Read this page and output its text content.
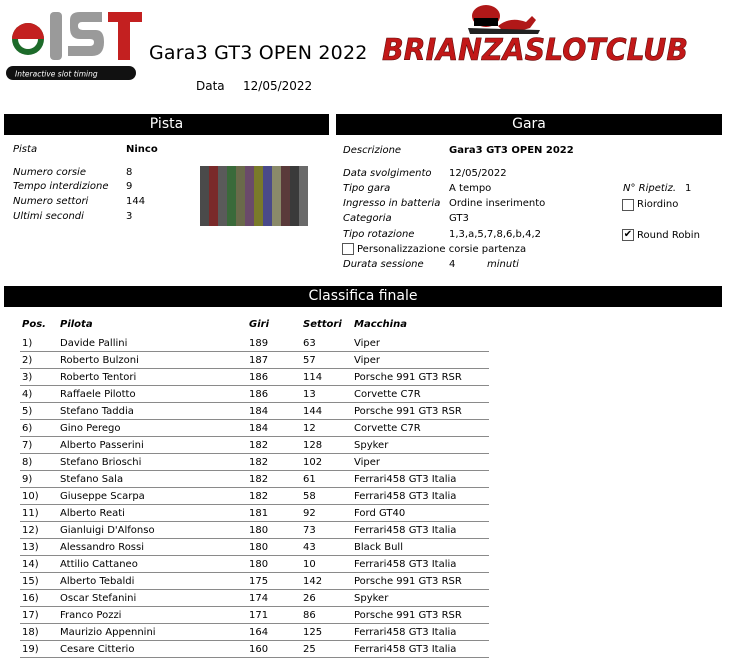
Interactive slot timing
Gara3 GT3 OPEN 2022
Data 12/05/2022
BRIANZASLOTCLUB
Pista
Pista	Ninco
Numero corsie	8
Tempo interdizione 9
Numero settori	144
Ultimi secondi	3
Gara
Descrizione	Gara3 GT3 OPEN 2022
Data svolgimento 12/05/2022
Tipo gara	A tempo
Ingresso in batteria Ordine inserimento
Categoria	GT3
Tipo rotazione	1,3,a,5,7,8,6,b,4,2
Personalizzazione corsie partenza
Durata sessione	4	minuti
N° Ripetiz. 1
Riordino
✔ Round Robin
Classifica finale
Pos. Pilota	Giri	Settori Macchina
1)	Davide Pallini	189	63	Viper
2)	Roberto Bulzoni	187	57	Viper
3)	Roberto Tentori	186	114	Porsche 991 GT3 RSR
4)	Raffaele Pilotto	186	13	Corvette C7R
5)	Stefano Taddia	184	144	Porsche 991 GT3 RSR
6)	Gino Perego	184	12	Corvette C7R
7)	Alberto Passerini	182	128	Spyker
8)	Stefano Brioschi	182	102	Viper
9)	Stefano Sala	182	61	Ferrari458 GT3 Italia
10) Giuseppe Scarpa	182	58	Ferrari458 GT3 Italia
11) Alberto Reati	181	92	Ford GT40
12) Gianluigi D'Alfonso	180	73	Ferrari458 GT3 Italia
13) Alessandro Rossi	180	43	Black Bull
14) Attilio Cattaneo	180	10	Ferrari458 GT3 Italia
15) Alberto Tebaldi	175	142	Porsche 991 GT3 RSR
16) Oscar Stefanini	174	26	Spyker
17) Franco Pozzi	171	86	Porsche 991 GT3 RSR
18) Maurizio Appennini	164	125	Ferrari458 GT3 Italia
19) Cesare Citterio	160	25	Ferrari458 GT3 Italia
